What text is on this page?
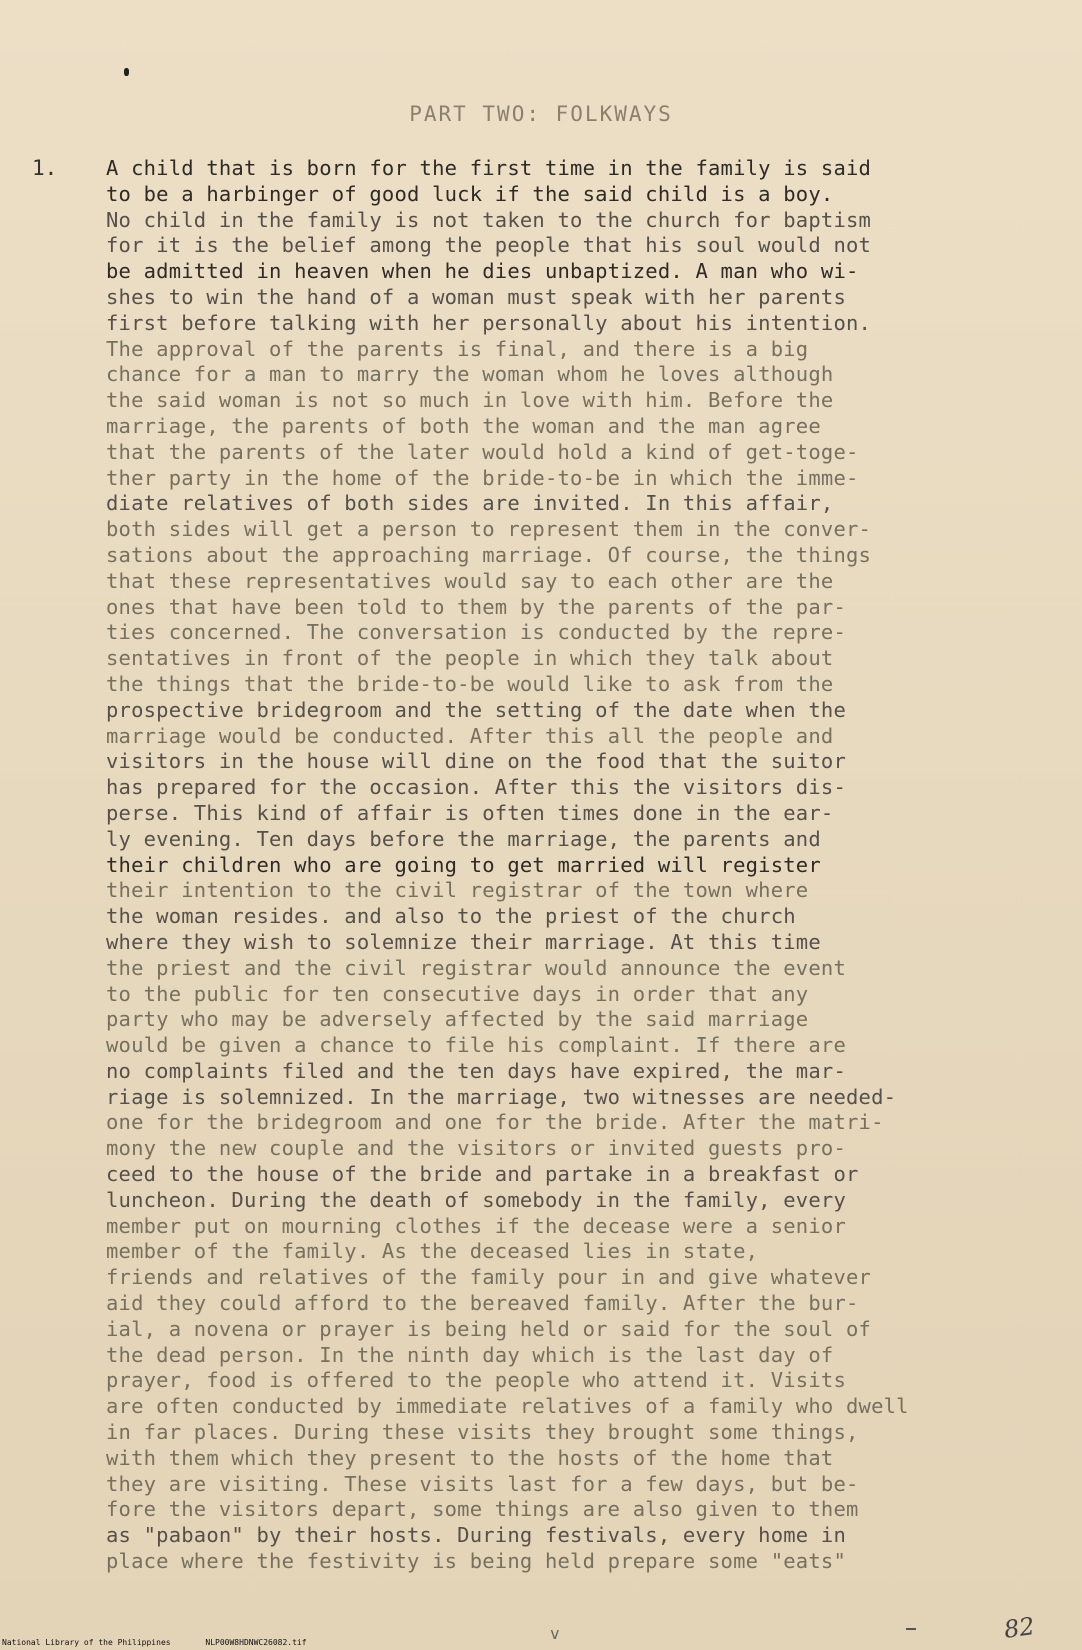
PART TWO: FOLKWAYS
1. A child that is born for the first time in the family is said
to be a harbinger of good luck if the said child is a boy.
No child in the family is not taken to the church for baptism
for it is the belief among the people that his soul would not
be admitted in heaven when he dies unbaptized. A man who wi-
shes to win the hand of a woman must speak with her parents
first before talking with her personally about his intention.
The approval of the parents is final, and there is a big
chance for a man to marry the woman whom he loves although
the said woman is not so much in love with him. Before the
marriage, the parents of both the woman and the man agree
that the parents of the later would hold a kind of get-toge-
ther party in the home of the bride-to-be in which the imme-
diate relatives of both sides are invited. In this affair,
both sides will get a person to represent them in the conver-
sations about the approaching marriage. Of course, the things
that these representatives would say to each other are the
ones that have been told to them by the parents of the par-
ties concerned. The conversation is conducted by the repre-
sentatives in front of the people in which they talk about
the things that the bride-to-be would like to ask from the
prospective bridegroom and the setting of the date when the
marriage would be conducted. After this all the people and
visitors in the house will dine on the food that the suitor
has prepared for the occasion. After this the visitors dis-
perse. This kind of affair is often times done in the ear-
ly evening. Ten days before the marriage, the parents and
their children who are going to get married will register
their intention to the civil registrar of the town where
the woman resides. and also to the priest of the church
where they wish to solemnize their marriage. At this time
the priest and the civil registrar would announce the event
to the public for ten consecutive days in order that any
party who may be adversely affected by the said marriage
would be given a chance to file his complaint. If there are
no complaints filed and the ten days have expired, the mar-
riage is solemnized. In the marriage, two witnesses are needed-
one for the bridegroom and one for the bride. After the matri-
mony the new couple and the visitors or invited guests pro-
ceed to the house of the bride and partake in a breakfast or
luncheon. During the death of somebody in the family, every
member put on mourning clothes if the decease were a senior
member of the family. As the deceased lies in state,
friends and relatives of the family pour in and give whatever
aid they could afford to the bereaved family. After the bur-
ial, a novena or prayer is being held or said for the soul of
the dead person. In the ninth day which is the last day of
prayer, food is offered to the people who attend it. Visits
are often conducted by immediate relatives of a family who dwell
in far places. During these visits they brought some things,
with them which they present to the hosts of the home that
they are visiting. These visits last for a few days, but be-
fore the visitors depart, some things are also given to them
as "pabaon" by their hosts. During festivals, every home in
place where the festivity is being held prepare some "eats"
v	82
National Library of the Philippines	NLP00W8HDNWC26082.tif
